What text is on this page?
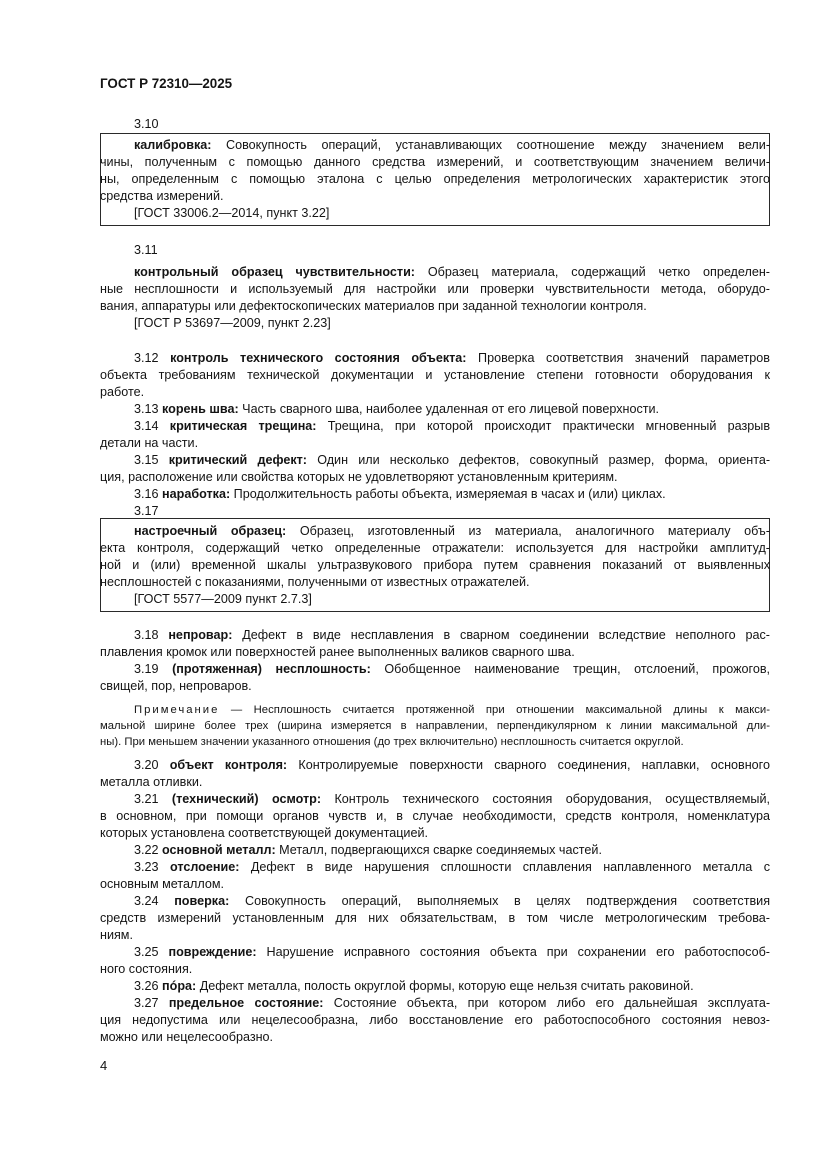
ГОСТ Р 72310—2025
3.10
калибровка: Совокупность операций, устанавливающих соотношение между значением вели-
чины, полученным с помощью данного средства измерений, и соответствующим значением величи-
ны, определенным с помощью эталона с целью определения метрологических характеристик этого
средства измерений.
[ГОСТ 33006.2—2014, пункт 3.22]
3.11
контрольный образец чувствительности: Образец материала, содержащий четко определен-
ные несплошности и используемый для настройки или проверки чувствительности метода, оборудо-
вания, аппаратуры или дефектоскопических материалов при заданной технологии контроля.
[ГОСТ Р 53697—2009, пункт 2.23]
3.12 контроль технического состояния объекта: Проверка соответствия значений параметров
объекта требованиям технической документации и установление степени готовности оборудования к
работе.
3.13 корень шва: Часть сварного шва, наиболее удаленная от его лицевой поверхности.
3.14 критическая трещина: Трещина, при которой происходит практически мгновенный разрыв
детали на части.
3.15 критический дефект: Один или несколько дефектов, совокупный размер, форма, ориента-
ция, расположение или свойства которых не удовлетворяют установленным критериям.
3.16 наработка: Продолжительность работы объекта, измеряемая в часах и (или) циклах.
3.17
настроечный образец: Образец, изготовленный из материала, аналогичного материалу объ-
екта контроля, содержащий четко определенные отражатели: используется для настройки амплитуд-
ной и (или) временной шкалы ультразвукового прибора путем сравнения показаний от выявленных
несплошностей с показаниями, полученными от известных отражателей.
[ГОСТ 5577—2009 пункт 2.7.3]
3.18 непровар: Дефект в виде несплавления в сварном соединении вследствие неполного рас-
плавления кромок или поверхностей ранее выполненных валиков сварного шва.
3.19 (протяженная) несплошность: Обобщенное наименование трещин, отслоений, прожогов,
свищей, пор, непроваров.
Примечание — Несплошность считается протяженной при отношении максимальной длины к макси-
мальной ширине более трех (ширина измеряется в направлении, перпендикулярном к линии максимальной дли-
ны). При меньшем значении указанного отношения (до трех включительно) несплошность считается округлой.
3.20 объект контроля: Контролируемые поверхности сварного соединения, наплавки, основного
металла отливки.
3.21 (технический) осмотр: Контроль технического состояния оборудования, осуществляемый,
в основном, при помощи органов чувств и, в случае необходимости, средств контроля, номенклатура
которых установлена соответствующей документацией.
3.22 основной металл: Металл, подвергающихся сварке соединяемых частей.
3.23 отслоение: Дефект в виде нарушения сплошности сплавления наплавленного металла с
основным металлом.
3.24 поверка: Совокупность операций, выполняемых в целях подтверждения соответствия
средств измерений установленным для них обязательствам, в том числе метрологическим требова-
ниям.
3.25 повреждение: Нарушение исправного состояния объекта при сохранении его работоспособ-
ного состояния.
3.26 пóра: Дефект металла, полость округлой формы, которую еще нельзя считать раковиной.
3.27 предельное состояние: Состояние объекта, при котором либо его дальнейшая эксплуата-
ция недопустима или нецелесообразна, либо восстановление его работоспособного состояния невоз-
можно или нецелесообразно.
4
